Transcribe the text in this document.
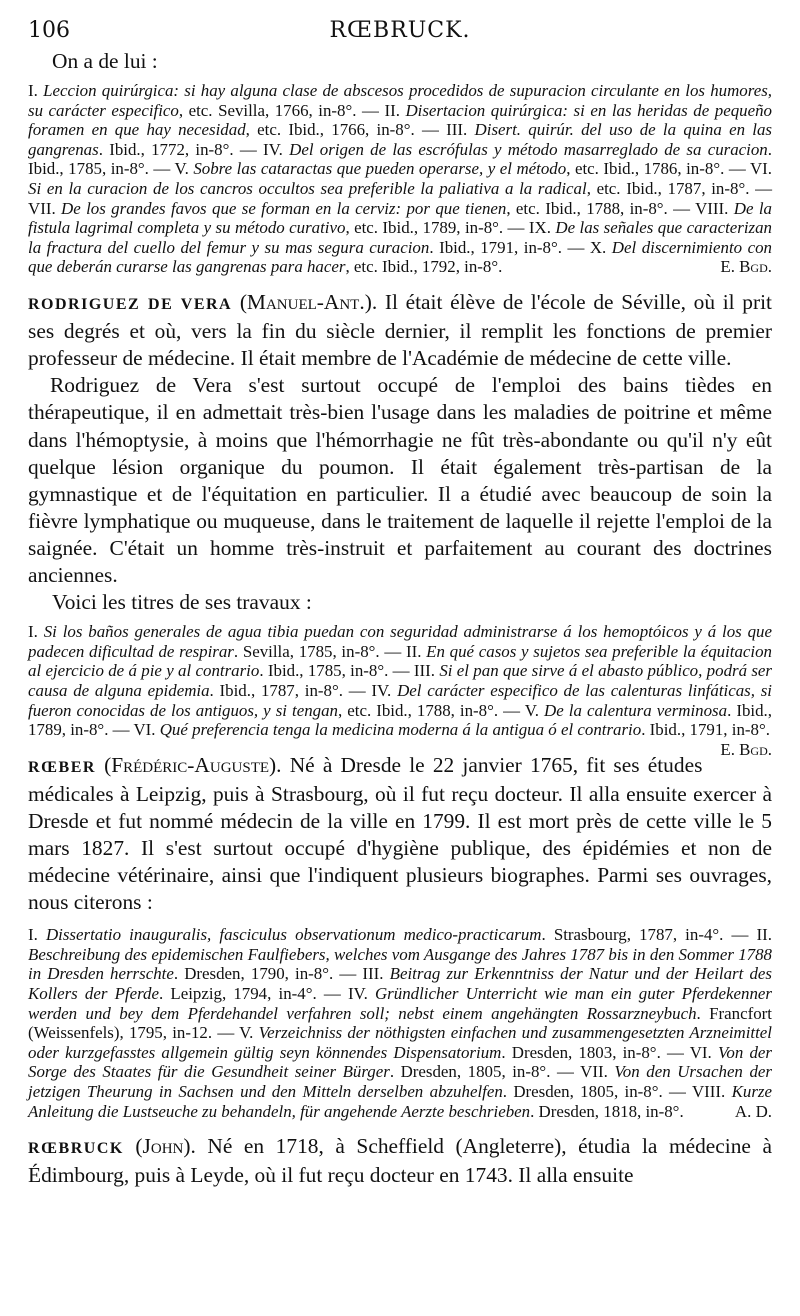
106	RŒBRUCK.

On a de lui :

I. Leccion quirúrgica: si hay alguna clase de abscesos procedidos de supuracion circulante en los humores, su carácter especifico, etc. Sevilla, 1766, in-8°. — II. Disertacion quirúrgica: si en las heridas de pequeño foramen en que hay necesidad, etc. Ibid., 1766, in-8°. — III. Disert. quirúr. del uso de la quina en las gangrenas. Ibid., 1772, in-8°. — IV. Del origen de las escrófulas y método masarreglado de sa curacion. Ibid., 1785, in-8°. — V. Sobre las cataractas que pueden operarse, y el método, etc. Ibid., 1786, in-8°. — VI. Si en la curacion de los cancros occultos sea preferible la paliativa a la radical, etc. Ibid., 1787, in-8°. — VII. De los grandes favos que se forman en la cerviz: por que tienen, etc. Ibid., 1788, in-8°. — VIII. De la fistula lagrimal completa y su método curativo, etc. Ibid., 1789, in-8°. — IX. De las señales que caracterizan la fractura del cuello del femur y su mas segura curacion. Ibid., 1791, in-8°. — X. Del discernimiento con que deberán curarse las gangrenas para hacer, etc. Ibid., 1792, in-8°.	E. Bgd.

RODRIGUEZ DE VERA (Manuel-Ant.). Il était élève de l'école de Séville, où il prit ses degrés et où, vers la fin du siècle dernier, il remplit les fonctions de premier professeur de médecine. Il était membre de l'Académie de médecine de cette ville.

Rodriguez de Vera s'est surtout occupé de l'emploi des bains tièdes en thérapeutique, il en admettait très-bien l'usage dans les maladies de poitrine et même dans l'hémoptysie, à moins que l'hémorrhagie ne fût très-abondante ou qu'il n'y eût quelque lésion organique du poumon. Il était également très-partisan de la gymnastique et de l'équitation en particulier. Il a étudié avec beaucoup de soin la fièvre lymphatique ou muqueuse, dans le traitement de laquelle il rejette l'emploi de la saignée. C'était un homme très-instruit et parfaitement au courant des doctrines anciennes.

Voici les titres de ses travaux :

I. Si los baños generales de agua tibia puedan con seguridad administrarse á los hemoptóicos y á los que padecen dificultad de respirar. Sevilla, 1785, in-8°. — II. En qué casos y sujetos sea preferible la équitacion al ejercicio de á pie y al contrario. Ibid., 1785, in-8°. — III. Si el pan que sirve á el abasto público, podrá ser causa de alguna epidemia. Ibid., 1787, in-8°. — IV. Del carácter especifico de las calenturas linfáticas, si fueron conocidas de los antiguos, y si tengan, etc. Ibid., 1788, in-8°. — V. De la calentura verminosa. Ibid., 1789, in-8°. — VI. Qué preferencia tenga la medicina moderna á la antigua ó el contrario. Ibid., 1791, in-8°.
E. Bgd.

RŒBER (Frédéric-Auguste). Né à Dresde le 22 janvier 1765, fit ses études médicales à Leipzig, puis à Strasbourg, où il fut reçu docteur. Il alla ensuite exercer à Dresde et fut nommé médecin de la ville en 1799. Il est mort près de cette ville le 5 mars 1827. Il s'est surtout occupé d'hygiène publique, des épidémies et non de médecine vétérinaire, ainsi que l'indiquent plusieurs biographes. Parmi ses ouvrages, nous citerons :

I. Dissertatio inauguralis, fasciculus observationum medico-practicarum. Strasbourg, 1787, in-4°. — II. Beschreibung des epidemischen Faulfiebers, welches vom Ausgange des Jahres 1787 bis in den Sommer 1788 in Dresden herrschte. Dresden, 1790, in-8°. — III. Beitrag zur Erkenntniss der Natur und der Heilart des Kollers der Pferde. Leipzig, 1794, in-4°. — IV. Gründlicher Unterricht wie man ein guter Pferdekenner werden und bey dem Pferdehandel verfahren soll; nebst einem angehängten Rossarzneybuch. Francfort (Weissenfels), 1795, in-12. — V. Verzeichniss der nöthigsten einfachen und zusammengesetzten Arzneimittel oder kurzgefasstes allgemein gültig seyn könnendes Dispensatorium. Dresden, 1803, in-8°. — VI. Von der Sorge des Staates für die Gesundheit seiner Bürger. Dresden, 1805, in-8°. — VII. Von den Ursachen der jetzigen Theurung in Sachsen und den Mitteln derselben abzuhelfen. Dresden, 1805, in-8°. — VIII. Kurze Anleitung die Lustseuche zu behandeln, für angehende Aerzte beschrieben. Dresden, 1818, in-8°.	A. D.

RŒBRUCK (John). Né en 1718, à Scheffield (Angleterre), étudia la médecine à Édimbourg, puis à Leyde, où il fut reçu docteur en 1743. Il alla ensuite
